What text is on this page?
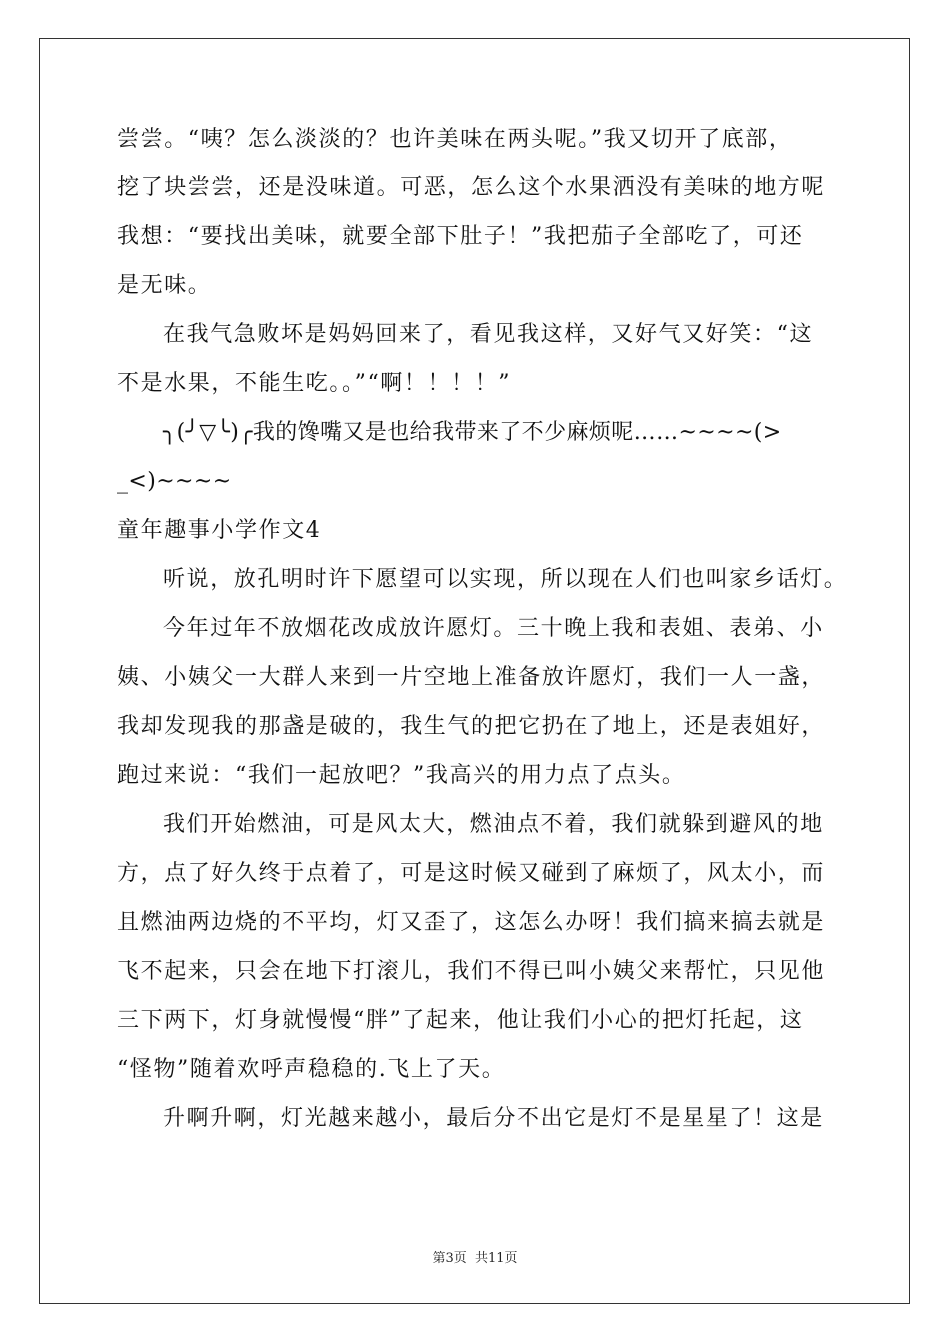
尝尝。“咦？怎么淡淡的？也许美味在两头呢。”我又切开了底部，
挖了块尝尝，还是没味道。可恶，怎么这个水果洒没有美味的地方呢
我想：“要找出美味，就要全部下肚子！”我把茄子全部吃了，可还
是无味。
在我气急败坏是妈妈回来了，看见我这样，又好气又好笑：“这
不是水果，不能生吃。。”“啊！！！！”
╮(╯▽╰)╭我的馋嘴又是也给我带来了不少麻烦呢……~~~~(>
_<)~~~~
童年趣事小学作文4
听说，放孔明时许下愿望可以实现，所以现在人们也叫家乡话灯。
今年过年不放烟花改成放许愿灯。三十晚上我和表姐、表弟、小
姨、小姨父一大群人来到一片空地上准备放许愿灯，我们一人一盏，
我却发现我的那盏是破的，我生气的把它扔在了地上，还是表姐好，
跑过来说：“我们一起放吧？”我高兴的用力点了点头。
我们开始燃油，可是风太大，燃油点不着，我们就躲到避风的地
方，点了好久终于点着了，可是这时候又碰到了麻烦了，风太小，而
且燃油两边烧的不平均，灯又歪了，这怎么办呀！我们搞来搞去就是
飞不起来，只会在地下打滚儿，我们不得已叫小姨父来帮忙，只见他
三下两下，灯身就慢慢“胖”了起来，他让我们小心的把灯托起，这
“怪物”随着欢呼声稳稳的.飞上了天。
升啊升啊，灯光越来越小，最后分不出它是灯不是星星了！这是
第3页 共11页
